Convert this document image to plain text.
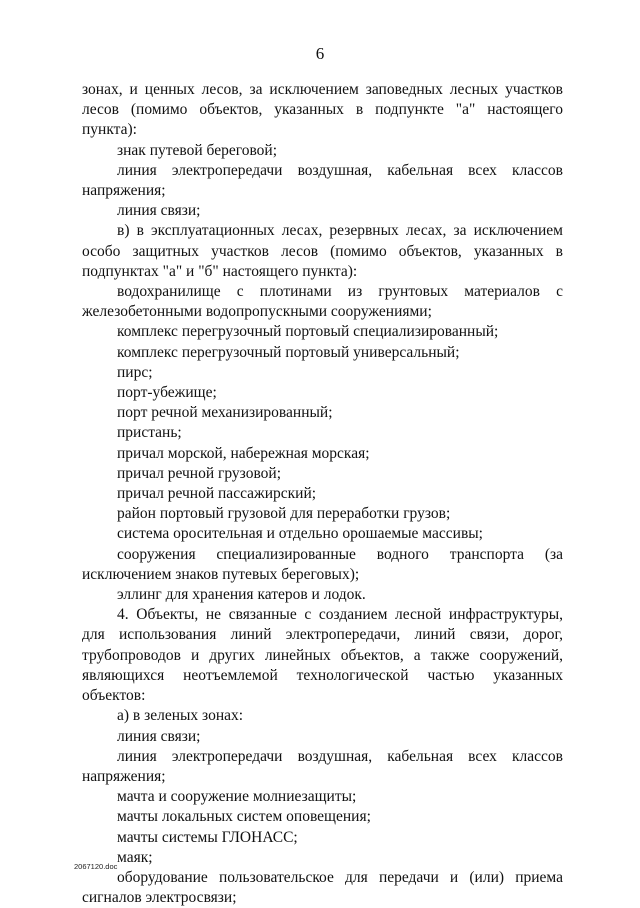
6

зонах, и ценных лесов, за исключением заповедных лесных участков лесов (помимо объектов, указанных в подпункте "а" настоящего пункта):

знак путевой береговой;

линия электропередачи воздушная, кабельная всех классов напряжения;

линия связи;

в) в эксплуатационных лесах, резервных лесах, за исключением особо защитных участков лесов (помимо объектов, указанных в подпунктах "а" и "б" настоящего пункта):

водохранилище с плотинами из грунтовых материалов с железобетонными водопропускными сооружениями;

комплекс перегрузочный портовый специализированный;

комплекс перегрузочный портовый универсальный;

пирс;

порт-убежище;

порт речной механизированный;

пристань;

причал морской, набережная морская;

причал речной грузовой;

причал речной пассажирский;

район портовый грузовой для переработки грузов;

система оросительная и отдельно орошаемые массивы;

сооружения специализированные водного транспорта (за исключением знаков путевых береговых);

эллинг для хранения катеров и лодок.

4. Объекты, не связанные с созданием лесной инфраструктуры, для использования линий электропередачи, линий связи, дорог, трубопроводов и других линейных объектов, а также сооружений, являющихся неотъемлемой технологической частью указанных объектов:

а) в зеленых зонах:

линия связи;

линия электропередачи воздушная, кабельная всех классов напряжения;

мачта и сооружение молниезащиты;

мачты локальных систем оповещения;

мачты системы ГЛОНАСС;

маяк;

оборудование пользовательское для передачи и (или) приема сигналов электросвязи;

2067120.doc
